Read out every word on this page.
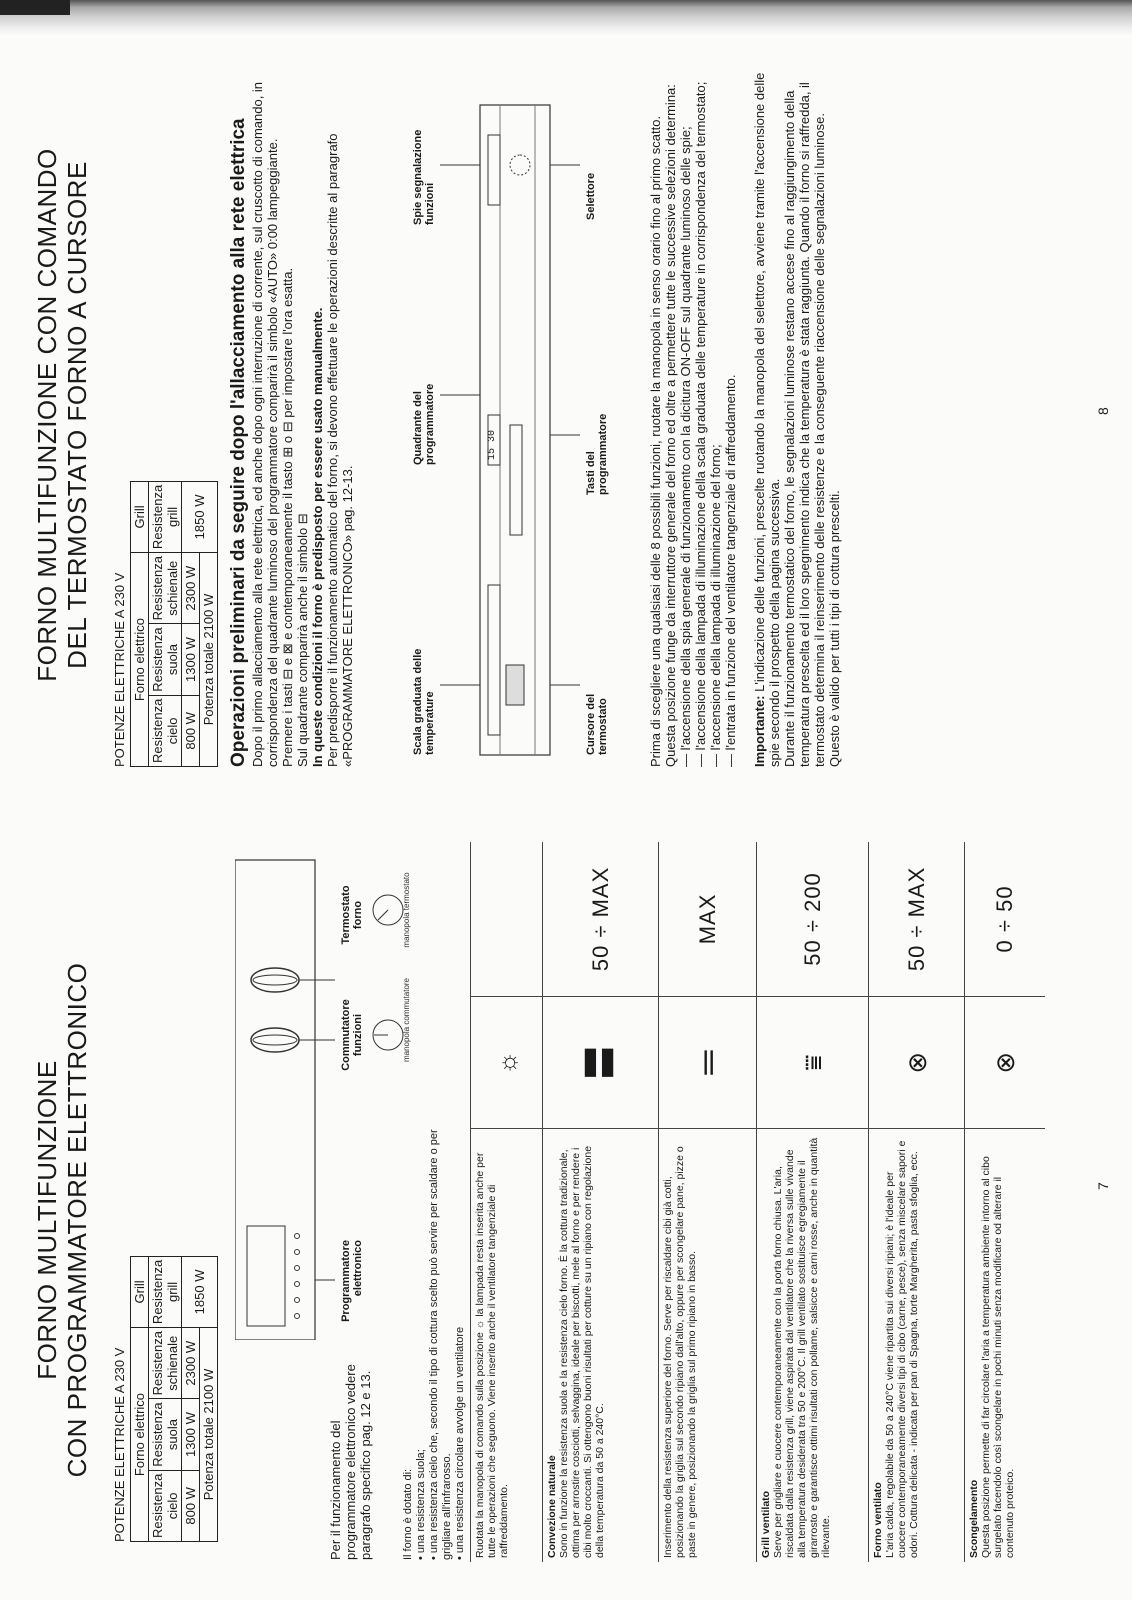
FORNO MULTIFUNZIONE CON PROGRAMMATORE ELETTRONICO POTENZE ELETTRICHE A 230 V Forno elettrico			Grill
Resistenza cielo	Resistenza suola	Resistenza schienale	Resistenza grill
800 W	1300 W	2300 W	1850 W
Potenza totale 2100 W				Per il funzionamento del programmatore elettronico vedere paragrafo specifico pag. 12 e 13.
Programmatore elettronico
Commutatore funzioni
Termostato forno
Il forno è dotato di: • una resistenza suola; • una resistenza cielo che, secondo il tipo di cottura scelto può servire per scaldare o per grigliare all'infrarosso. • una resistenza circolare avvolge un ventilatore
manopola commutatore
manopola termostato
Ruotata la manopola di comando sulla posizione ☼ la lampada resta inserita anche per tutte le operazioni che seguono. Viene inserito anche il ventilatore tangenziale di raffreddamento.	☼	

Convezione naturale Sono in funzione la resistenza suola e la resistenza cielo forno. È la cottura tradizionale, ottima per arrostire cosciotti, selvaggina, ideale per biscotti, mele al forno e per rendere i cibi molto croccanti. Si ottengono buoni risultati per cotture su un ripiano con regolazione della temperatura da 50 a 240°C.	〓	50 ÷ MAX

Inserimento della resistenza superiore del forno. Serve per riscaldare cibi già cotti, posizionando la griglia sul secondo ripiano dall'alto, oppure per scongelare pane, pizze o paste in genere, posizionando la griglia sul primo ripiano in basso.	═	MAX

Grill ventilato Serve per grigliare e cuocere contemporaneamente con la porta forno chiusa. L'aria, riscaldata dalla resistenza grill, viene aspirata dal ventilatore che la riversa sulle vivande alla temperatura desiderata tra 50 e 200°C. Il grill ventilato sostituisce egregiamente il girarrosto e garantisce ottimi risultati con pollame, salsicce e carni rosse, anche in quantità rilevante.	⩸	50 ÷ 200

Forno ventilato L'aria calda, regolabile da 50 a 240°C viene ripartita sui diversi ripiani; è l'ideale per cuocere contemporaneamente diversi tipi di cibo (carne, pesce), senza miscelare sapori e odori. Cottura delicata - indicata per pan di Spagna, torte Margherita, pasta sfoglia, ecc.	⊗	50 ÷ MAX

Scongelamento Questa posizione permette di far circolare l'aria a temperatura ambiente intorno al cibo surgelato facendolo così scongelare in pochi minuti senza modificare od alterare il contenuto proteico.	⊗	0 ÷ 50
7
FORNO MULTIFUNZIONE CON COMANDO DEL TERMOSTATO FORNO A CURSORE
POTENZE ELETTRICHE A 230 V Forno elettrico			Grill
Resistenza cielo	Resistenza suola	Resistenza schienale	Resistenza grill
800 W	1300 W	2300 W	1850 W
Potenza totale 2100 W			Operazioni preliminari da seguire dopo l'allacciamento alla rete elettrica Dopo il primo allacciamento alla rete elettrica, ed anche dopo ogni interruzione di corrente, sul cruscotto di comando, in corrispondenza del quadrante luminoso del programmatore comparirà il simbolo «AUTO» 0:00 lampeggiante. Premere i tasti ⊟ e ⊠ e contemporaneamente il tasto ⊞ o ⊟ per impostare l'ora esatta. Sul quadrante comparirà anche il simbolo ⊟ In queste condizioni il forno è predisposto per essere usato manualmente. Per predisporre il funzionamento automatico del forno, si devono effettuare le operazioni descritte al paragrafo «PROGRAMMATORE ELETTRONICO» pag. 12-13.	Scala graduata delle temperature
Quadrante del programmatore
Spie segnalazione funzioni
15 30
Cursore del termostato
Tasti del programmatore
Selettore	Prima di scegliere una qualsiasi delle 8 possibili funzioni, ruotare la manopola in senso orario fino al primo scatto. Questa posizione funge da interruttore generale del forno ed oltre a permettere tutte le successive selezioni determina: — l'accensione della spia generale di funzionamento con la dicitura ON-OFF sul quadrante luminoso delle spie; — l'accensione della lampada di illuminazione della scala graduata delle temperature in corrispondenza del termostato; — l'accensione della lampada di illuminazione del forno; — l'entrata in funzione del ventilatore tangenziale di raffreddamento. Importante: L'indicazione delle funzioni, prescelte ruotando la manopola del selettore, avviene tramite l'accensione delle spie secondo il prospetto della pagina successiva. Durante il funzionamento termostatico del forno, le segnalazioni luminose restano accese fino al raggiungimento della temperatura prescelta ed il loro spegnimento indica che la temperatura è stata raggiunta. Quando il forno si raffredda, il termostato determina il reinserimento delle resistenze e la conseguente riaccensione delle segnalazioni luminose. Questo è valido per tutti i tipi di cottura prescelti.
8
